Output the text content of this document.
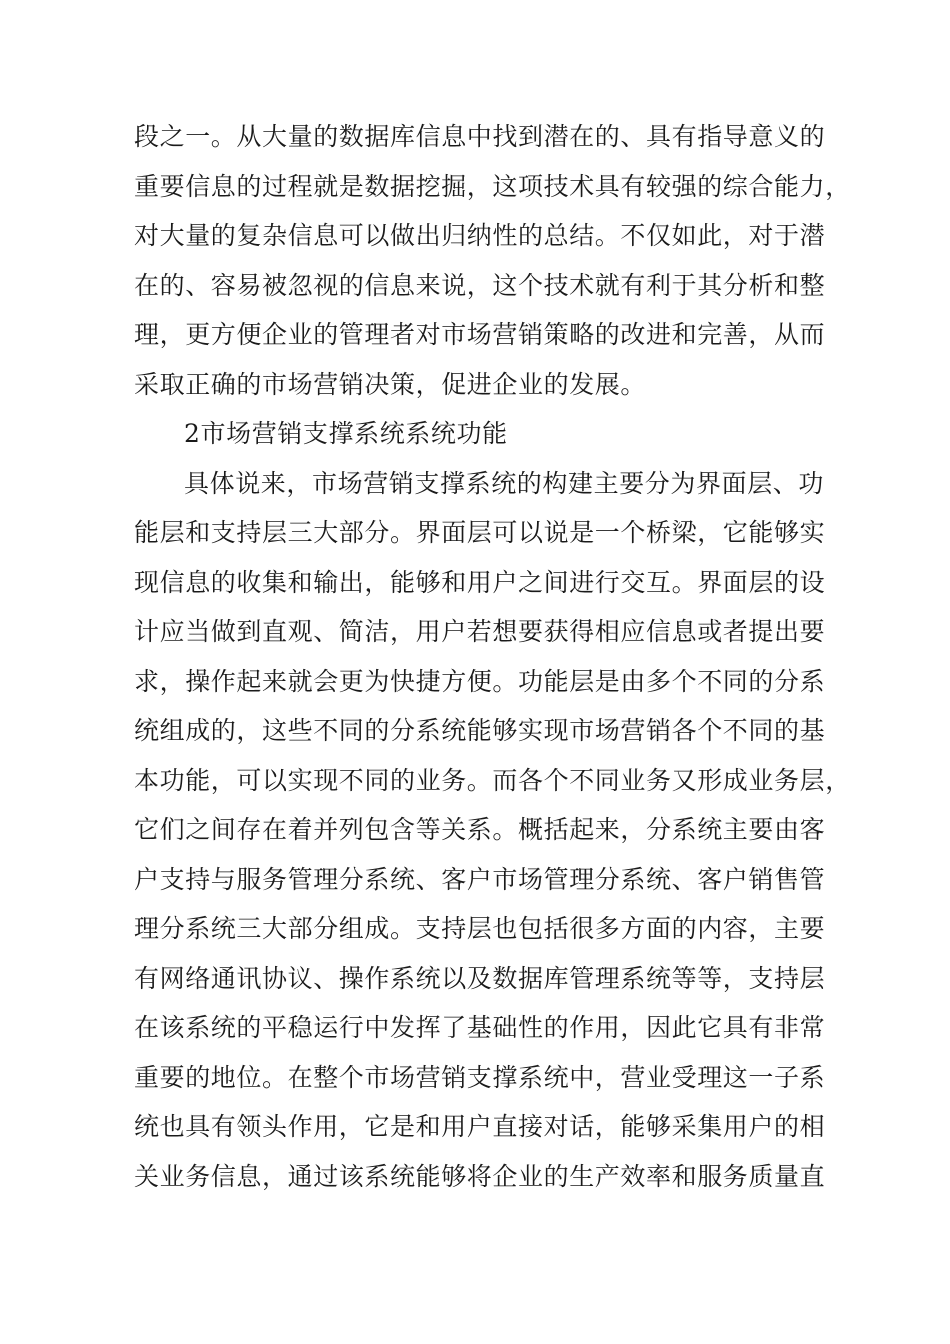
段之一。从大量的数据库信息中找到潜在的、具有指导意义的
重要信息的过程就是数据挖掘，这项技术具有较强的综合能力，
对大量的复杂信息可以做出归纳性的总结。不仅如此，对于潜
在的、容易被忽视的信息来说，这个技术就有利于其分析和整
理，更方便企业的管理者对市场营销策略的改进和完善，从而
采取正确的市场营销决策，促进企业的发展。
2市场营销支撑系统系统功能
具体说来，市场营销支撑系统的构建主要分为界面层、功
能层和支持层三大部分。界面层可以说是一个桥梁，它能够实
现信息的收集和输出，能够和用户之间进行交互。界面层的设
计应当做到直观、简洁，用户若想要获得相应信息或者提出要
求，操作起来就会更为快捷方便。功能层是由多个不同的分系
统组成的，这些不同的分系统能够实现市场营销各个不同的基
本功能，可以实现不同的业务。而各个不同业务又形成业务层，
它们之间存在着并列包含等关系。概括起来，分系统主要由客
户支持与服务管理分系统、客户市场管理分系统、客户销售管
理分系统三大部分组成。支持层也包括很多方面的内容，主要
有网络通讯协议、操作系统以及数据库管理系统等等，支持层
在该系统的平稳运行中发挥了基础性的作用，因此它具有非常
重要的地位。在整个市场营销支撑系统中，营业受理这一子系
统也具有领头作用，它是和用户直接对话，能够采集用户的相
关业务信息，通过该系统能够将企业的生产效率和服务质量直
